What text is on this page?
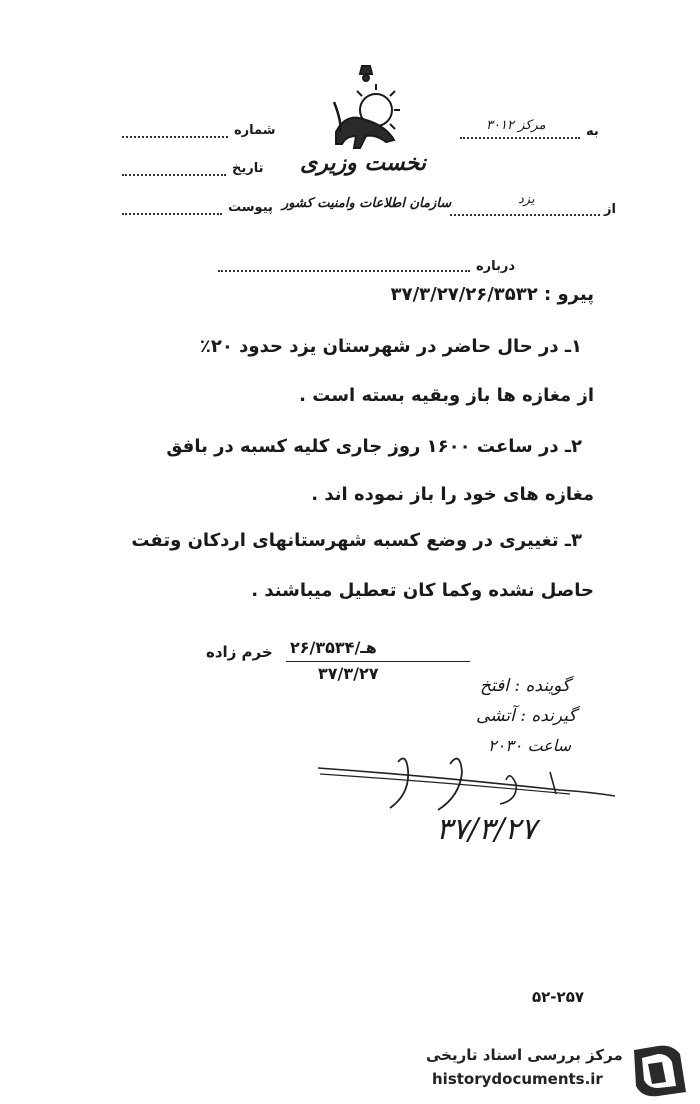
نخست وزیری
سازمان اطلاعات وامنیت کشور
به
مرکز ۳۰۱۲
از
یزد
شماره
تاریخ
پیوست
درباره
پیرو : ۳۷/۳/۲۷/۲۶/۳۵۳۲
۱ـ در حال حاضر در شهرستان یزد حدود ۲۰٪
از مغازه ها باز وبقیه بسته است .
۲ـ در ساعت ۱۶۰۰ روز جاری کلیه کسبه در بافق
مغازه های خود را باز نموده اند .
۳ـ تغییری در وضع کسبه شهرستانهای اردکان وتفت
حاصل نشده وکما کان تعطیل میباشند .
خرم زاده هـ/۲۶/۳۵۳۴
۳۷/۳/۲۷
گوینده : افتخ
گیرنده : آتشی
ساعت ۲۰۳۰
۳۷/۳/۲۷
۵۲-۲۵۷
مرکز بررسی اسناد تاریخی
historydocuments.ir
